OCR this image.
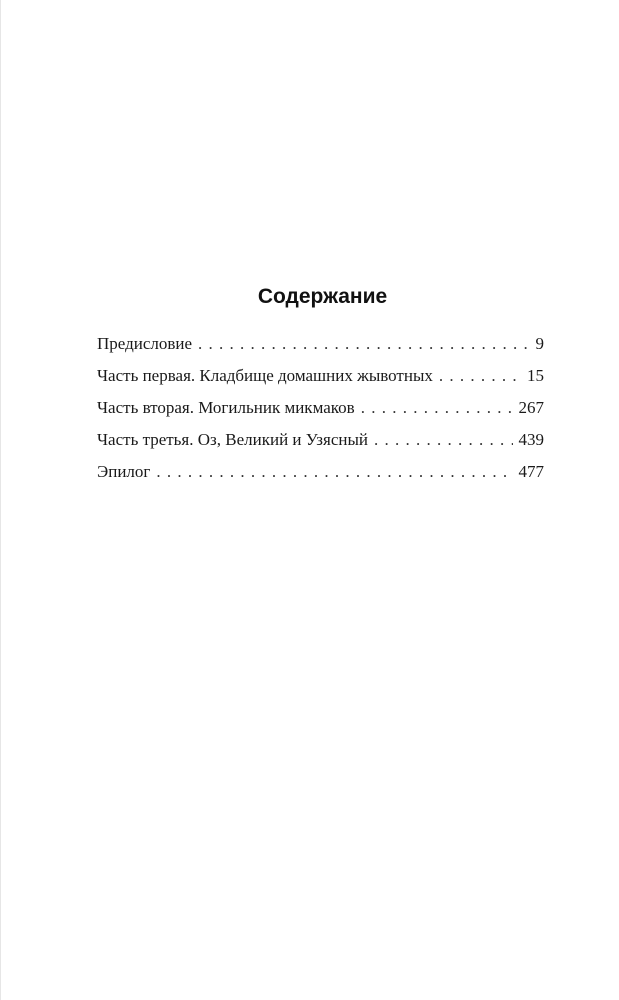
Содержание
Предисловие . . .	9
Часть первая. Кладбище домашних жывотных . . .	15
Часть вторая. Могильник микмаков . . .	267
Часть третья. Оз, Великий и Узясный . . .	439
Эпилог . . .	477
